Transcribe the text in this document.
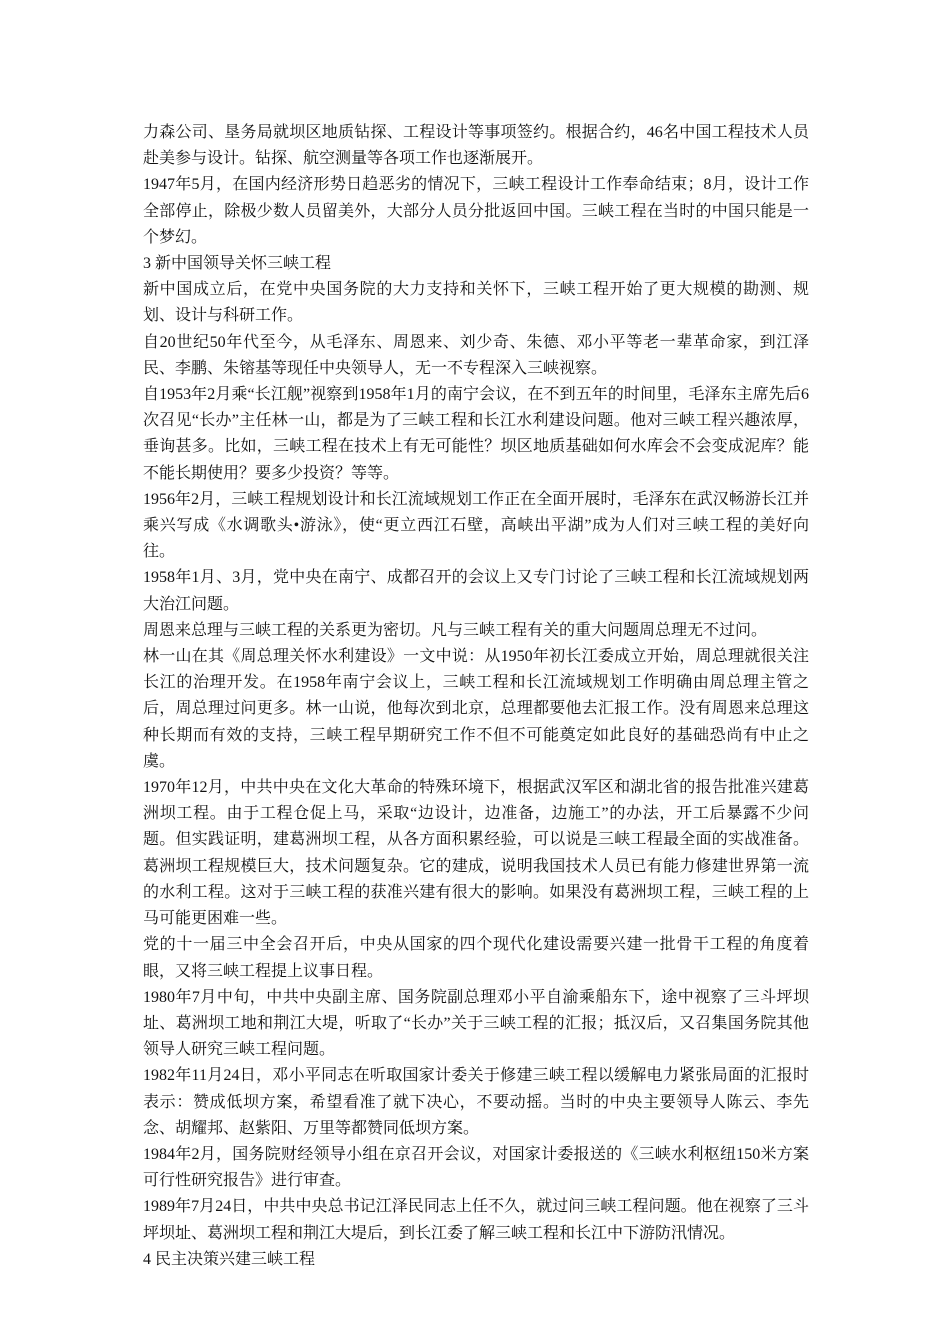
力森公司、垦务局就坝区地质钻探、工程设计等事项签约。根据合约，46名中国工程技术人员赴美参与设计。钻探、航空测量等各项工作也逐渐展开。

1947年5月，在国内经济形势日趋恶劣的情况下，三峡工程设计工作奉命结束；8月，设计工作全部停止，除极少数人员留美外，大部分人员分批返回中国。三峡工程在当时的中国只能是一个梦幻。

3 新中国领导关怀三峡工程

新中国成立后，在党中央国务院的大力支持和关怀下，三峡工程开始了更大规模的勘测、规划、设计与科研工作。

自20世纪50年代至今，从毛泽东、周恩来、刘少奇、朱德、邓小平等老一辈革命家，到江泽民、李鹏、朱镕基等现任中央领导人，无一不专程深入三峡视察。

自1953年2月乘“长江舰”视察到1958年1月的南宁会议，在不到五年的时间里，毛泽东主席先后6次召见“长办”主任林一山，都是为了三峡工程和长江水利建设问题。他对三峡工程兴趣浓厚，垂询甚多。比如，三峡工程在技术上有无可能性？坝区地质基础如何水库会不会变成泥库？能不能长期使用？要多少投资？等等。

1956年2月，三峡工程规划设计和长江流域规划工作正在全面开展时，毛泽东在武汉畅游长江并乘兴写成《水调歌头•游泳》，使“更立西江石壁，高峡出平湖”成为人们对三峡工程的美好向往。

1958年1月、3月，党中央在南宁、成都召开的会议上又专门讨论了三峡工程和长江流域规划两大治江问题。

周恩来总理与三峡工程的关系更为密切。凡与三峡工程有关的重大问题周总理无不过问。

林一山在其《周总理关怀水利建设》一文中说：从1950年初长江委成立开始，周总理就很关注长江的治理开发。在1958年南宁会议上，三峡工程和长江流域规划工作明确由周总理主管之后，周总理过问更多。林一山说，他每次到北京，总理都要他去汇报工作。没有周恩来总理这种长期而有效的支持，三峡工程早期研究工作不但不可能奠定如此良好的基础恐尚有中止之虞。

1970年12月，中共中央在文化大革命的特殊环境下，根据武汉军区和湖北省的报告批准兴建葛洲坝工程。由于工程仓促上马，采取“边设计，边准备，边施工”的办法，开工后暴露不少问题。但实践证明，建葛洲坝工程，从各方面积累经验，可以说是三峡工程最全面的实战准备。葛洲坝工程规模巨大，技术问题复杂。它的建成，说明我国技术人员已有能力修建世界第一流的水利工程。这对于三峡工程的获准兴建有很大的影响。如果没有葛洲坝工程，三峡工程的上马可能更困难一些。

党的十一届三中全会召开后，中央从国家的四个现代化建设需要兴建一批骨干工程的角度着眼，又将三峡工程提上议事日程。

1980年7月中旬，中共中央副主席、国务院副总理邓小平自渝乘船东下，途中视察了三斗坪坝址、葛洲坝工地和荆江大堤，听取了“长办”关于三峡工程的汇报；抵汉后，又召集国务院其他领导人研究三峡工程问题。

1982年11月24日，邓小平同志在听取国家计委关于修建三峡工程以缓解电力紧张局面的汇报时表示：赞成低坝方案，希望看准了就下决心，不要动摇。当时的中央主要领导人陈云、李先念、胡耀邦、赵紫阳、万里等都赞同低坝方案。

1984年2月，国务院财经领导小组在京召开会议，对国家计委报送的《三峡水利枢纽150米方案可行性研究报告》进行审查。

1989年7月24日，中共中央总书记江泽民同志上任不久，就过问三峡工程问题。他在视察了三斗坪坝址、葛洲坝工程和荆江大堤后，到长江委了解三峡工程和长江中下游防汛情况。

4 民主决策兴建三峡工程
